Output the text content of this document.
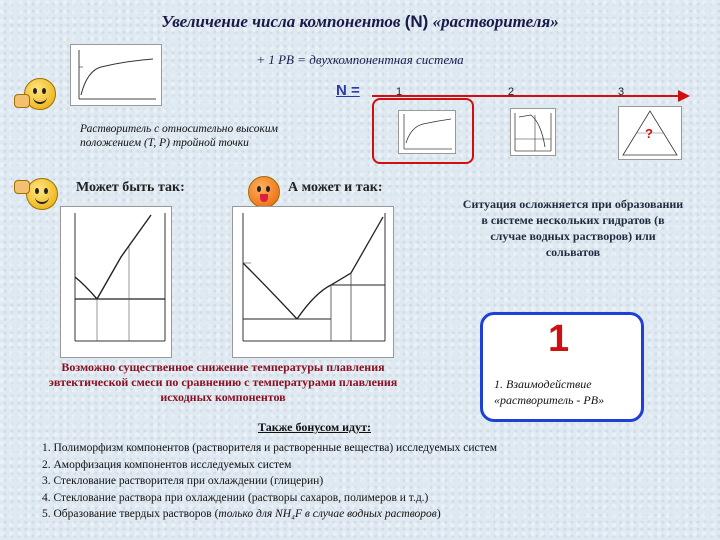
Увеличение числа компонентов (N) «растворителя»
+ 1 РВ = двухкомпонентная система
N =	1	2	3
?
Растворитель с относительно высоким положением (T, P) тройной точки
Может быть так:	А может и так:
Ситуация осложняется при образовании в системе нескольких гидратов (в случае водных растворов) или сольватов
Возможно существенное снижение температуры плавления эвтектической смеси по сравнению с температурами плавления исходных компонентов
1
1. Взаимодействие «растворитель - РВ»
Также бонусом идут:
1. Полиморфизм компонентов (растворителя и растворенные вещества) исследуемых систем
2. Аморфизация компонентов исследуемых систем
3. Стеклование растворителя при охлаждении (глицерин)
4. Стеклование раствора при охлаждении (растворы сахаров, полимеров и т.д.)
5. Образование твердых растворов (только для NH₄F в случае водных растворов)
